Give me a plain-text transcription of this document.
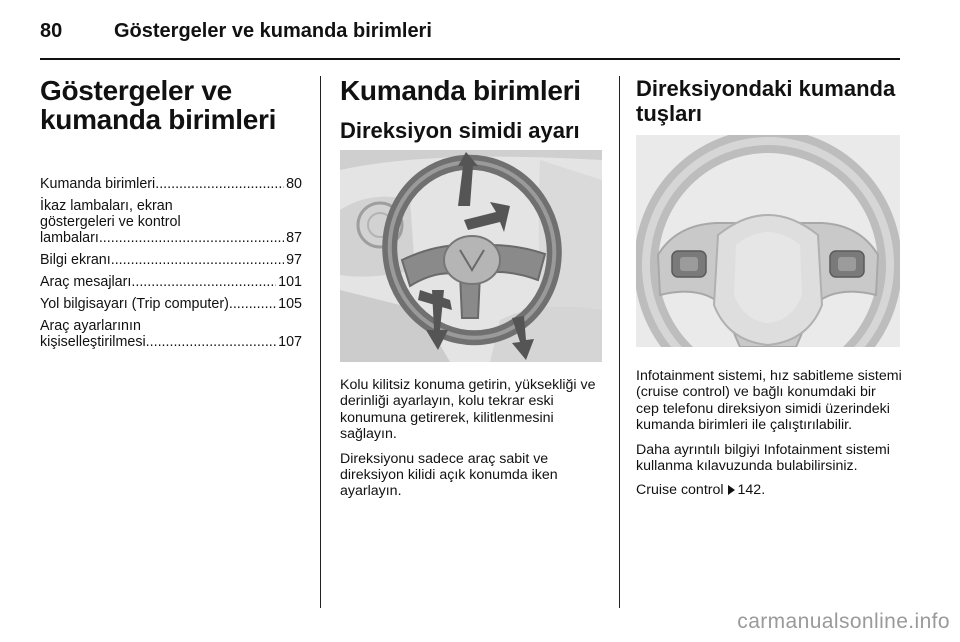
80	Göstergeler ve kumanda birimleri
Göstergeler ve
kumanda birimleri
Kumanda birimleri .....	80
İkaz lambaları, ekran
göstergeleri ve kontrol
lambaları .....	87
Bilgi ekranı .....	97
Araç mesajları .....	101
Yol bilgisayarı (Trip computer) .....	105
Araç ayarlarının
kişiselleştirilmesi .....	107
Kumanda birimleri
Direksiyon simidi ayarı

Kolu kilitsiz konuma getirin, yüksekliği ve derinliği ayarlayın, kolu tekrar eski konumuna getirerek, kilitlenmesini sağlayın.

Direksiyonu sadece araç sabit ve direksiyon kilidi açık konumda iken ayarlayın.

Direksiyondaki kumanda
tuşları

Infotainment sistemi, hız sabitleme sistemi (cruise control) ve bağlı konumdaki bir cep telefonu direksiyon simidi üzerindeki kumanda birimleri ile çalıştırılabilir.

Daha ayrıntılı bilgiyi Infotainment sistemi kullanma kılavuzunda bulabilirsiniz.

Cruise control 142.

carmanualsonline.info
